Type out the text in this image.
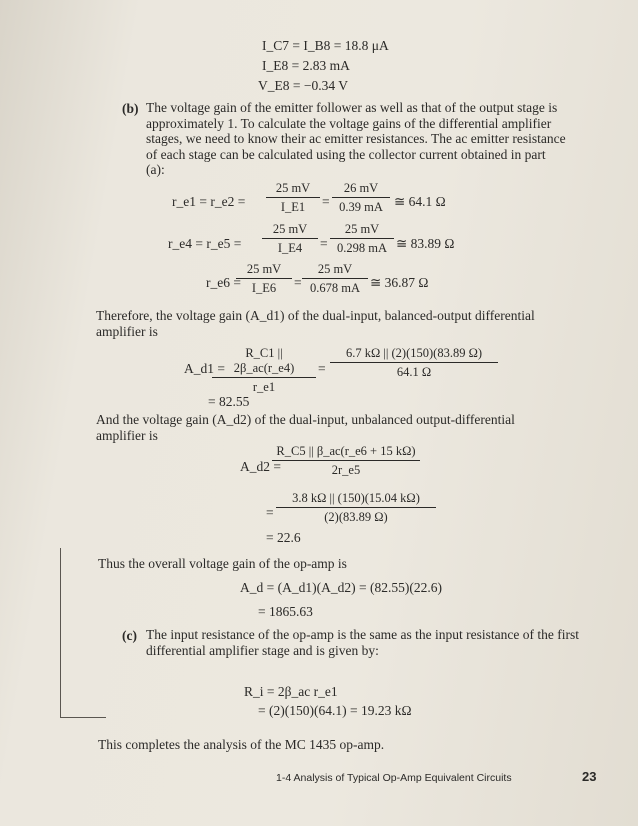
I_C7 = I_B8 = 18.8 μA
I_E8 = 2.83 mA
V_E8 = −0.34 V
(b) The voltage gain of the emitter follower as well as that of the output stage is approximately 1. To calculate the voltage gains of the differential amplifier stages, we need to know their ac emitter resistances. The ac emitter resistance of each stage can be calculated using the collector current obtained in part (a):
r_e1 = r_e2 = $\frac{25 mV}{I\_E1} = \frac{26 mV}{0.39 mA}$ ≅ 64.1 Ω
r_e4 = r_e5 = $\frac{25 mV}{I\_E4} = \frac{25 mV}{0.298 mA}$ ≅ 83.89 Ω
r_e6 =
$\frac{25 mV}{I\_E6} = \frac{25 mV}{0.678 mA}$ ≅ 36.87 Ω
Therefore, the voltage gain (A_d1) of the dual-input, balanced-output differential amplifier is
A_d1 =
$\frac{R\_C1 || 2\beta\_ac(r\_e4)}{r\_e1} = \frac{6.7 k\Omega || (2)(150)(83.89 \Omega)}{64.1 \Omega}$
= 82.55
And the voltage gain (A_d2) of the dual-input, unbalanced output-differential amplifier is
A_d2 =
$\frac{R\_C5 || \beta\_ac(r\_e6 + 15 k\Omega)}{2r\_e5}$
= $\frac{3.8 k\Omega || (150)(15.04 k\Omega)}{(2)(83.89 \Omega)}$
= 22.6
Thus the overall voltage gain of the op-amp is
A_d = (A_d1)(A_d2) = (82.55)(22.6)
= 1865.63
(c) The input resistance of the op-amp is the same as the input resistance of the first differential amplifier stage and is given by:
R_i = 2β_ac r_e1
= (2)(150)(64.1) = 19.23 kΩ
This completes the analysis of the MC 1435 op-amp.
1-4 Analysis of Typical Op-Amp Equivalent Circuits	23
